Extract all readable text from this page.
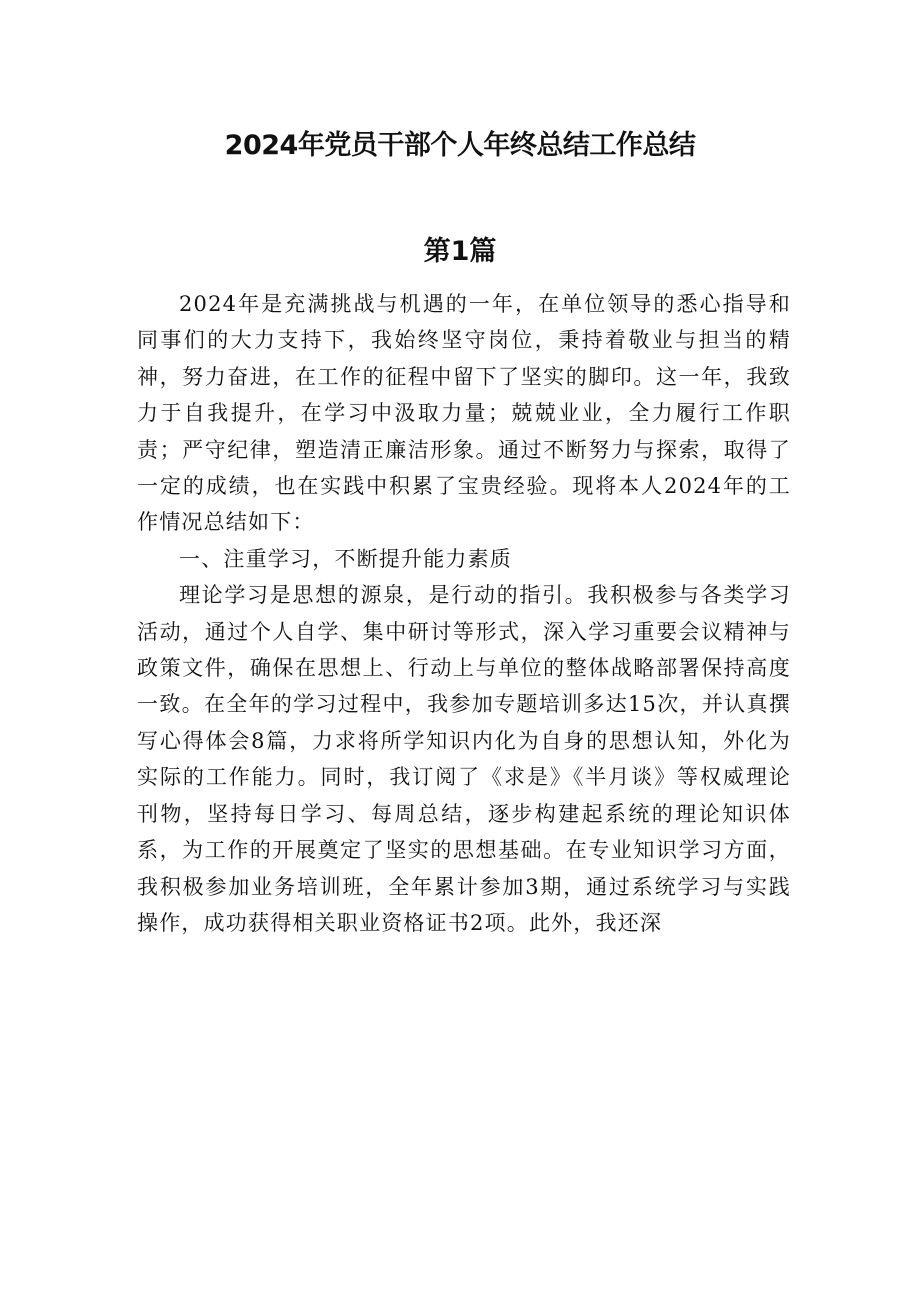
2024年党员干部个人年终总结工作总结
第1篇

2024年是充满挑战与机遇的一年，在单位领导的悉心指导和同事们的大力支持下，我始终坚守岗位，秉持着敬业与担当的精神，努力奋进，在工作的征程中留下了坚实的脚印。这一年，我致力于自我提升，在学习中汲取力量；兢兢业业，全力履行工作职责；严守纪律，塑造清正廉洁形象。通过不断努力与探索，取得了一定的成绩，也在实践中积累了宝贵经验。现将本人2024年的工作情况总结如下：

一、注重学习，不断提升能力素质

理论学习是思想的源泉，是行动的指引。我积极参与各类学习活动，通过个人自学、集中研讨等形式，深入学习重要会议精神与政策文件，确保在思想上、行动上与单位的整体战略部署保持高度一致。在全年的学习过程中，我参加专题培训多达15次，并认真撰写心得体会8篇，力求将所学知识内化为自身的思想认知，外化为实际的工作能力。同时，我订阅了《求是》《半月谈》等权威理论刊物，坚持每日学习、每周总结，逐步构建起系统的理论知识体系，为工作的开展奠定了坚实的思想基础。在专业知识学习方面，我积极参加业务培训班，全年累计参加3期，通过系统学习与实践操作，成功获得相关职业资格证书2项。此外，我还深
